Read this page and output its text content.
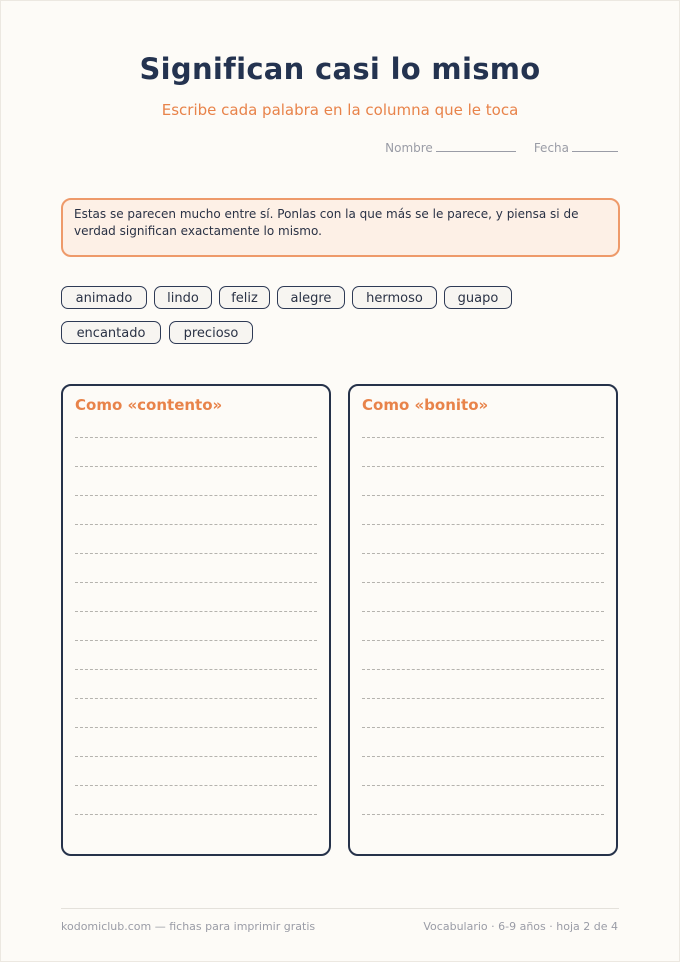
Significan casi lo mismo
Escribe cada palabra en la columna que le toca
Nombre	Fecha
Estas se parecen mucho entre sí. Ponlas con la que más se le parece, y piensa si de verdad significan exactamente lo mismo.
animado	lindo	feliz	alegre	hermoso	guapo
encantado	precioso
Como «contento»	Como «bonito»
kodomiclub.com — fichas para imprimir gratis	Vocabulario · 6-9 años · hoja 2 de 4
